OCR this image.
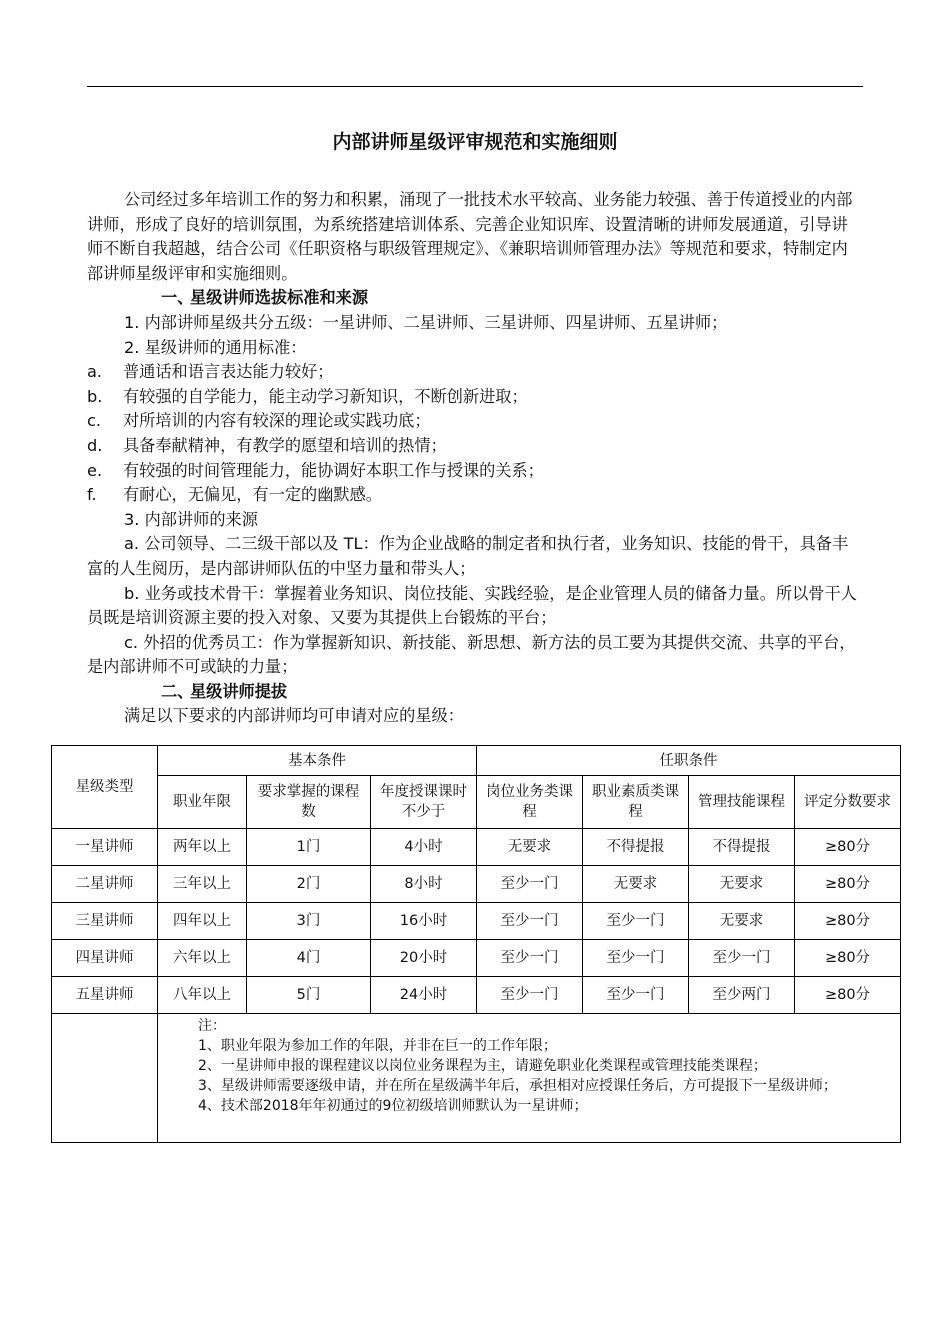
内部讲师星级评审规范和实施细则

公司经过多年培训工作的努力和积累，涌现了一批技术水平较高、业务能力较强、善于传道授业的内部讲师，形成了良好的培训氛围，为系统搭建培训体系、完善企业知识库、设置清晰的讲师发展通道，引导讲师不断自我超越，结合公司《任职资格与职级管理规定》、《兼职培训师管理办法》等规范和要求，特制定内部讲师星级评审和实施细则。

一、星级讲师选拔标准和来源

1. 内部讲师星级共分五级：一星讲师、二星讲师、三星讲师、四星讲师、五星讲师；

2. 星级讲师的通用标准：

a. 普通话和语言表达能力较好；

b. 有较强的自学能力，能主动学习新知识，不断创新进取；

c. 对所培训的内容有较深的理论或实践功底；

d. 具备奉献精神，有教学的愿望和培训的热情；

e. 有较强的时间管理能力，能协调好本职工作与授课的关系；

f. 有耐心，无偏见，有一定的幽默感。

3. 内部讲师的来源

a. 公司领导、二三级干部以及 TL：作为企业战略的制定者和执行者，业务知识、技能的骨干，具备丰富的人生阅历，是内部讲师队伍的中坚力量和带头人；

b. 业务或技术骨干：掌握着业务知识、岗位技能、实践经验，是企业管理人员的储备力量。所以骨干人员既是培训资源主要的投入对象、又要为其提供上台锻炼的平台；

c. 外招的优秀员工：作为掌握新知识、新技能、新思想、新方法的员工要为其提供交流、共享的平台，是内部讲师不可或缺的力量；

二、星级讲师提拔

满足以下要求的内部讲师均可申请对应的星级：

星级类型	基本条件			任职条件			
	职业年限	要求掌握的课程数	年度授课课时不少于	岗位业务类课程	职业素质类课程	管理技能课程	评定分数要求
一星讲师	两年以上	1门	4小时	无要求	不得提报	不得提报	≥80分
二星讲师	三年以上	2门	8小时	至少一门	无要求	无要求	≥80分
三星讲师	四年以上	3门	16小时	至少一门	至少一门	无要求	≥80分
四星讲师	六年以上	4门	20小时	至少一门	至少一门	至少一门	≥80分
五星讲师	八年以上	5门	24小时	至少一门	至少一门	至少两门	≥80分

	注：

1、职业年限为参加工作的年限，并非在巨一的工作年限；

2、一星讲师申报的课程建议以岗位业务课程为主，请避免职业化类课程或管理技能类课程；

3、星级讲师需要逐级申请，并在所在星级满半年后，承担相对应授课任务后，方可提报下一星级讲师；

4、技术部2018年年初通过的9位初级培训师默认为一星讲师；						
